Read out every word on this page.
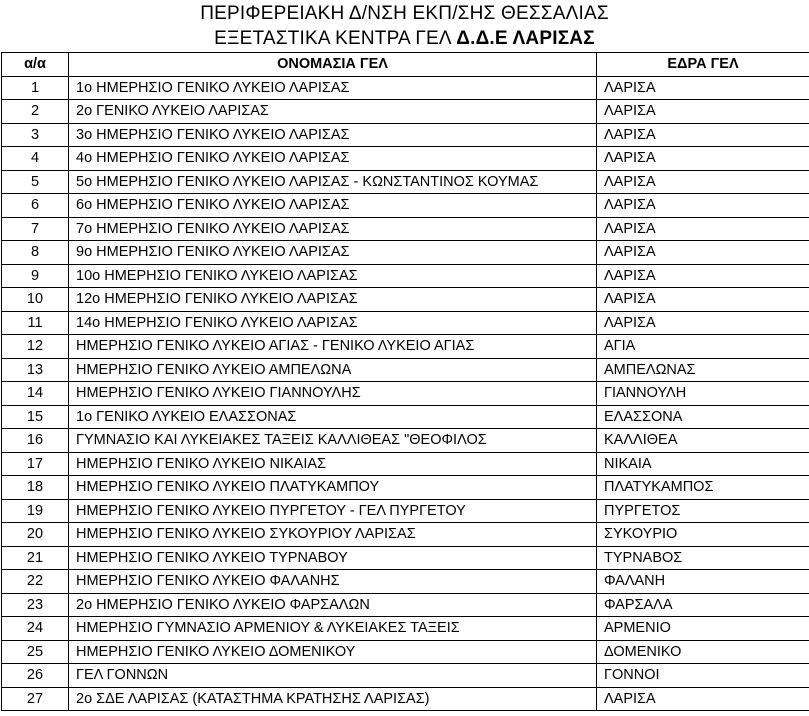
ΠΕΡΙΦΕΡΕΙΑΚΗ Δ/ΝΣΗ ΕΚΠ/ΣΗΣ ΘΕΣΣΑΛΙΑΣ
ΕΞΕΤΑΣΤΙΚΑ ΚΕΝΤΡΑ ΓΕΛ Δ.Δ.Ε ΛΑΡΙΣΑΣ
α/α	ΟΝΟΜΑΣΙΑ ΓΕΛ	ΕΔΡΑ ΓΕΛ
1	1ο ΗΜΕΡΗΣΙΟ ΓΕΝΙΚΟ ΛΥΚΕΙΟ ΛΑΡΙΣΑΣ	ΛΑΡΙΣΑ
2	2ο ΓΕΝΙΚΟ ΛΥΚΕΙΟ ΛΑΡΙΣΑΣ	ΛΑΡΙΣΑ
3	3ο ΗΜΕΡΗΣΙΟ ΓΕΝΙΚΟ ΛΥΚΕΙΟ ΛΑΡΙΣΑΣ	ΛΑΡΙΣΑ
4	4ο ΗΜΕΡΗΣΙΟ ΓΕΝΙΚΟ ΛΥΚΕΙΟ ΛΑΡΙΣΑΣ	ΛΑΡΙΣΑ
5	5ο ΗΜΕΡΗΣΙΟ ΓΕΝΙΚΟ ΛΥΚΕΙΟ ΛΑΡΙΣΑΣ - ΚΩΝΣΤΑΝΤΙΝΟΣ ΚΟΥΜΑΣ	ΛΑΡΙΣΑ
6	6ο ΗΜΕΡΗΣΙΟ ΓΕΝΙΚΟ ΛΥΚΕΙΟ ΛΑΡΙΣΑΣ	ΛΑΡΙΣΑ
7	7ο ΗΜΕΡΗΣΙΟ ΓΕΝΙΚΟ ΛΥΚΕΙΟ ΛΑΡΙΣΑΣ	ΛΑΡΙΣΑ
8	9ο ΗΜΕΡΗΣΙΟ ΓΕΝΙΚΟ ΛΥΚΕΙΟ ΛΑΡΙΣΑΣ	ΛΑΡΙΣΑ
9	10ο ΗΜΕΡΗΣΙΟ ΓΕΝΙΚΟ ΛΥΚΕΙΟ ΛΑΡΙΣΑΣ	ΛΑΡΙΣΑ
10	12ο ΗΜΕΡΗΣΙΟ ΓΕΝΙΚΟ ΛΥΚΕΙΟ ΛΑΡΙΣΑΣ	ΛΑΡΙΣΑ
11	14ο ΗΜΕΡΗΣΙΟ ΓΕΝΙΚΟ ΛΥΚΕΙΟ ΛΑΡΙΣΑΣ	ΛΑΡΙΣΑ
12	ΗΜΕΡΗΣΙΟ ΓΕΝΙΚΟ ΛΥΚΕΙΟ ΑΓΙΑΣ - ΓΕΝΙΚΟ ΛΥΚΕΙΟ ΑΓΙΑΣ	ΑΓΙΑ
13	ΗΜΕΡΗΣΙΟ ΓΕΝΙΚΟ ΛΥΚΕΙΟ ΑΜΠΕΛΩΝΑ	ΑΜΠΕΛΩΝΑΣ
14	ΗΜΕΡΗΣΙΟ ΓΕΝΙΚΟ ΛΥΚΕΙΟ ΓΙΑΝΝΟΥΛΗΣ	ΓΙΑΝΝΟΥΛΗ
15	1ο ΓΕΝΙΚΟ ΛΥΚΕΙΟ ΕΛΑΣΣΟΝΑΣ	ΕΛΑΣΣΟΝΑ
16	ΓΥΜΝΑΣΙΟ ΚΑΙ ΛΥΚΕΙΑΚΕΣ ΤΑΞΕΙΣ ΚΑΛΛΙΘΕΑΣ "ΘΕΟΦΙΛΟΣ	ΚΑΛΛΙΘΕΑ
17	ΗΜΕΡΗΣΙΟ ΓΕΝΙΚΟ ΛΥΚΕΙΟ ΝΙΚΑΙΑΣ	ΝΙΚΑΙΑ
18	ΗΜΕΡΗΣΙΟ ΓΕΝΙΚΟ ΛΥΚΕΙΟ ΠΛΑΤΥΚΑΜΠΟΥ	ΠΛΑΤΥΚΑΜΠΟΣ
19	ΗΜΕΡΗΣΙΟ ΓΕΝΙΚΟ ΛΥΚΕΙΟ ΠΥΡΓΕΤΟΥ - ΓΕΛ ΠΥΡΓΕΤΟΥ	ΠΥΡΓΕΤΟΣ
20	ΗΜΕΡΗΣΙΟ ΓΕΝΙΚΟ ΛΥΚΕΙΟ ΣΥΚΟΥΡΙΟΥ ΛΑΡΙΣΑΣ	ΣΥΚΟΥΡΙΟ
21	ΗΜΕΡΗΣΙΟ ΓΕΝΙΚΟ ΛΥΚΕΙΟ ΤΥΡΝΑΒΟΥ	ΤΥΡΝΑΒΟΣ
22	ΗΜΕΡΗΣΙΟ ΓΕΝΙΚΟ ΛΥΚΕΙΟ ΦΑΛΑΝΗΣ	ΦΑΛΑΝΗ
23	2ο ΗΜΕΡΗΣΙΟ ΓΕΝΙΚΟ ΛΥΚΕΙΟ ΦΑΡΣΑΛΩΝ	ΦΑΡΣΑΛΑ
24	ΗΜΕΡΗΣΙΟ ΓΥΜΝΑΣΙΟ ΑΡΜΕΝΙΟΥ & ΛΥΚΕΙΑΚΕΣ ΤΑΞΕΙΣ	ΑΡΜΕΝΙΟ
25	ΗΜΕΡΗΣΙΟ ΓΕΝΙΚΟ ΛΥΚΕΙΟ ΔΟΜΕΝΙΚΟΥ	ΔΟΜΕΝΙΚΟ
26	ΓΕΛ ΓΟΝΝΩΝ	ΓΟΝΝΟΙ
27	2ο ΣΔΕ ΛΑΡΙΣΑΣ (ΚΑΤΑΣΤΗΜΑ ΚΡΑΤΗΣΗΣ ΛΑΡΙΣΑΣ)	ΛΑΡΙΣΑ
